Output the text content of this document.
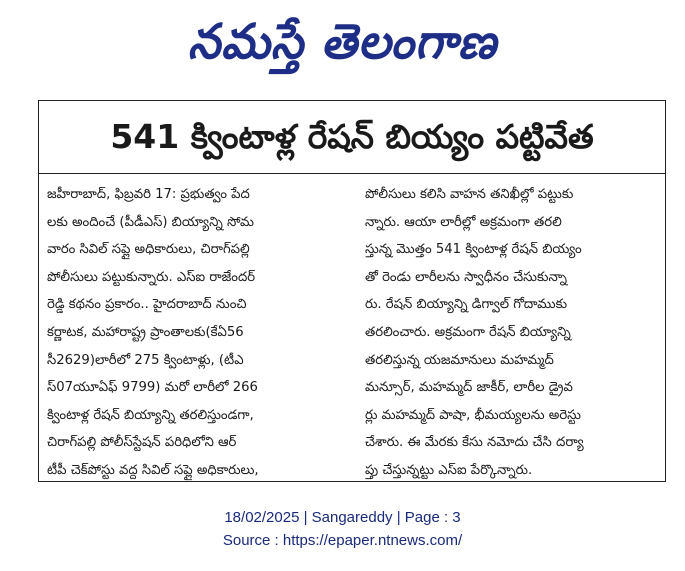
నమస్తే తెలంగాణ
541 క్వింటాళ్ల రేషన్ బియ్యం పట్టివేత
జహీరాబాద్, ఫిబ్రవరి 17: ప్రభుత్వం పేద
లకు అందించే (పీడీఎస్) బియ్యాన్ని సోమ
వారం సివిల్ సప్లై అధికారులు, చిరాగ్‌పల్లి
పోలీసులు పట్టుకున్నారు. ఎస్ఐ రాజేందర్
రెడ్డి కథనం ప్రకారం.. హైదరాబాద్ నుంచి
కర్ణాటక, మహారాష్ట్ర ప్రాంతాలకు(కేఏ56
సీ2629)లారీలో 275 క్వింటాళ్లు, (టీఎ
స్07యూఏఫ్ 9799) మరో లారీలో 266
క్వింటాళ్ల రేషన్ బియ్యాన్ని తరలిస్తుండగా,
చిరాగ్‌పల్లి పోలీస్‌స్టేషన్ పరిధిలోని ఆర్
టీపీ చెక్‌పోస్టు వద్ద సివిల్ సప్లై అధికారులు,
పోలీసులు కలిసి వాహన తనిఖీల్లో పట్టుకు
న్నారు. ఆయా లారీల్లో అక్రమంగా తరలి
స్తున్న మొత్తం 541 క్వింటాళ్ల రేషన్ బియ్యం
తో రెండు లారీలను స్వాధీనం చేసుకున్నా
రు. రేషన్ బియ్యాన్ని డిగ్వాల్ గోదాముకు
తరలించారు. అక్రమంగా రేషన్ బియ్యాన్ని
తరలిస్తున్న యజమానులు మహమ్మద్
మన్సూర్, మహమ్మద్ జాకీర్, లారీల డ్రైవ
ర్లు మహమ్మద్ పాషా, భీమయ్యలను అరెస్టు
చేశారు. ఈ మేరకు కేసు నమోదు చేసి దర్యా
ప్తు చేస్తున్నట్టు ఎస్ఐ పేర్కొన్నారు.
18/02/2025 | Sangareddy | Page : 3
Source : https://epaper.ntnews.com/
